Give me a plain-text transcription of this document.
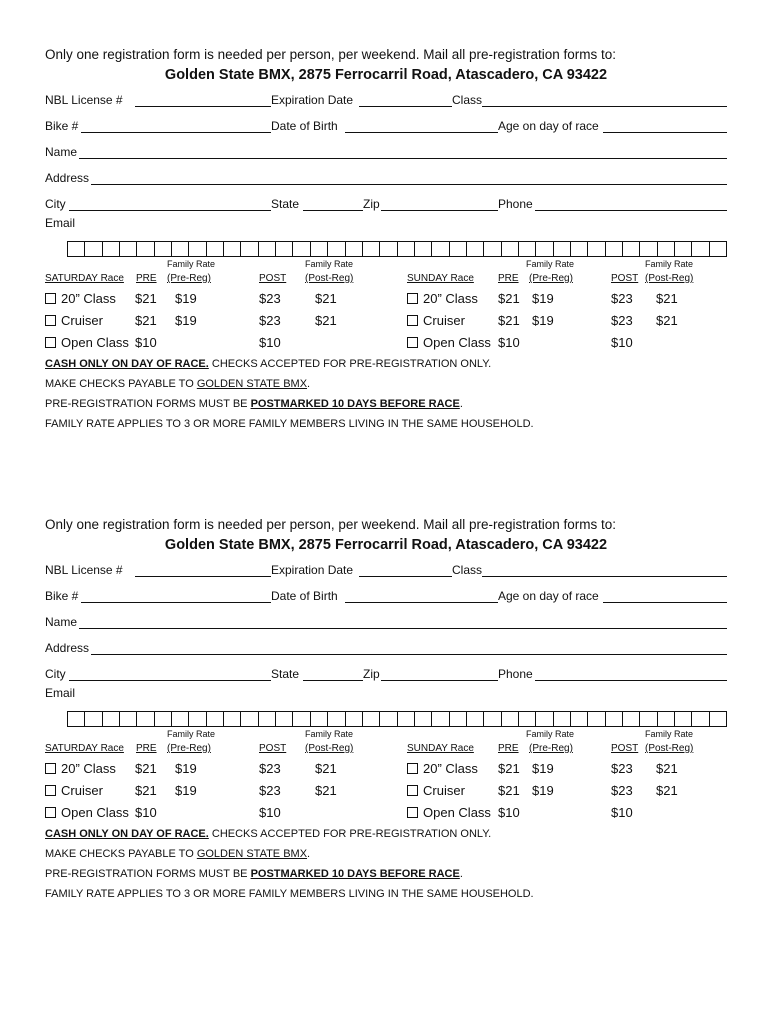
Only one registration form is needed per person, per weekend. Mail all pre-registration forms to:
Golden State BMX, 2875 Ferrocarril Road, Atascadero, CA 93422
NBL License #	Expiration Date	Class
Bike #	Date of Birth	Age on day of race
Name
Address
City	State	Zip	Phone
Email
Family Rate	Family Rate	Family Rate	Family Rate
SATURDAY Race PRE (Pre-Reg)	POST (Post-Reg)	SUNDAY Race PRE (Pre-Reg)	POST (Post-Reg)
20” Class $21 $19	$23	$21
Cruiser $21 $19	$23	$21
Open Class $10	$10
20” Class $21 $19	$23 $21
Cruiser	$21 $19	$23 $21
Open Class $10	$10
CASH ONLY ON DAY OF RACE. CHECKS ACCEPTED FOR PRE-REGISTRATION ONLY.
MAKE CHECKS PAYABLE TO GOLDEN STATE BMX.
PRE-REGISTRATION FORMS MUST BE POSTMARKED 10 DAYS BEFORE RACE.
FAMILY RATE APPLIES TO 3 OR MORE FAMILY MEMBERS LIVING IN THE SAME HOUSEHOLD.
Only one registration form is needed per person, per weekend. Mail all pre-registration forms to:
Golden State BMX, 2875 Ferrocarril Road, Atascadero, CA 93422
NBL License #	Expiration Date	Class
Bike #	Date of Birth	Age on day of race
Name
Address
City	State	Zip	Phone
Email
Family Rate	Family Rate	Family Rate	Family Rate
SATURDAY Race PRE (Pre-Reg)	POST (Post-Reg)	SUNDAY Race PRE (Pre-Reg)	POST (Post-Reg)
20” Class $21 $19	$23	$21
Cruiser $21 $19	$23	$21
Open Class $10	$10
20” Class $21 $19	$23 $21
Cruiser	$21 $19	$23 $21
Open Class $10	$10
CASH ONLY ON DAY OF RACE. CHECKS ACCEPTED FOR PRE-REGISTRATION ONLY.
MAKE CHECKS PAYABLE TO GOLDEN STATE BMX.
PRE-REGISTRATION FORMS MUST BE POSTMARKED 10 DAYS BEFORE RACE.
FAMILY RATE APPLIES TO 3 OR MORE FAMILY MEMBERS LIVING IN THE SAME HOUSEHOLD.
